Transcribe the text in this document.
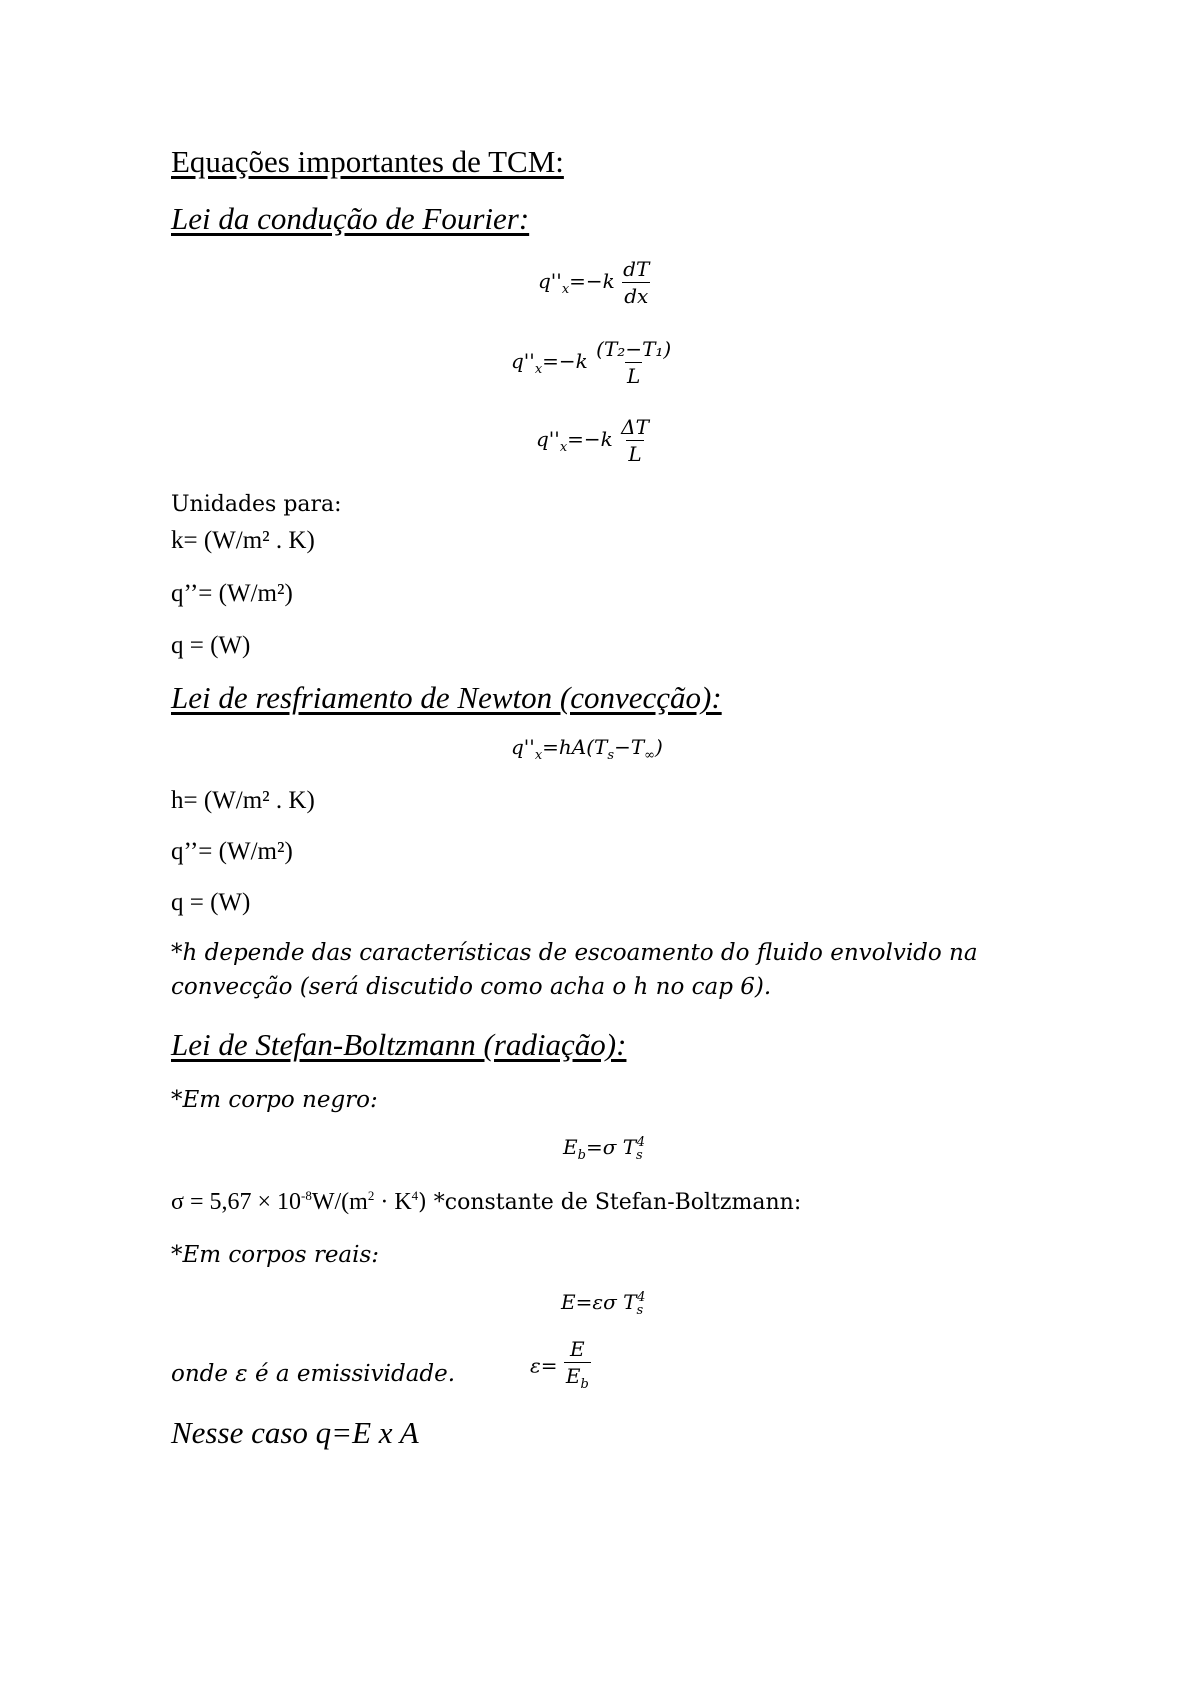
Equações importantes de TCM:
Lei da condução de Fourier:
$q''_x=-k \frac{dT}{dx}$
$q''_x=-k \frac{\text{(T₂−T₁)}}{L}$
$q''_x=-k \frac{\Delta T}{L}$
Unidades para:
k= (W/m² . K)
q’’= (W/m²)
q = (W)
Lei de resfriamento de Newton (convecção):
$q''_x=hA(T_s-T_\infty)$
h= (W/m² . K)
q’’= (W/m²)
q = (W)
*h depende das características de escoamento do fluido envolvido na convecção (será discutido como acha o h no cap 6).
Lei de Stefan-Boltzmann (radiação):
*Em corpo negro:
$E_b=\sigma$ $T_s^4$
$\sigma = 5,67 \times 10^{-8}W/(m^2 \cdot K^4)$ *constante de Stefan-Boltzmann:
*Em corpos reais:
E=εσ $T_s^4$
onde ε é a emissividade.	$\varepsilon= \frac{E}{E_b}$
Nesse caso q=E x A
